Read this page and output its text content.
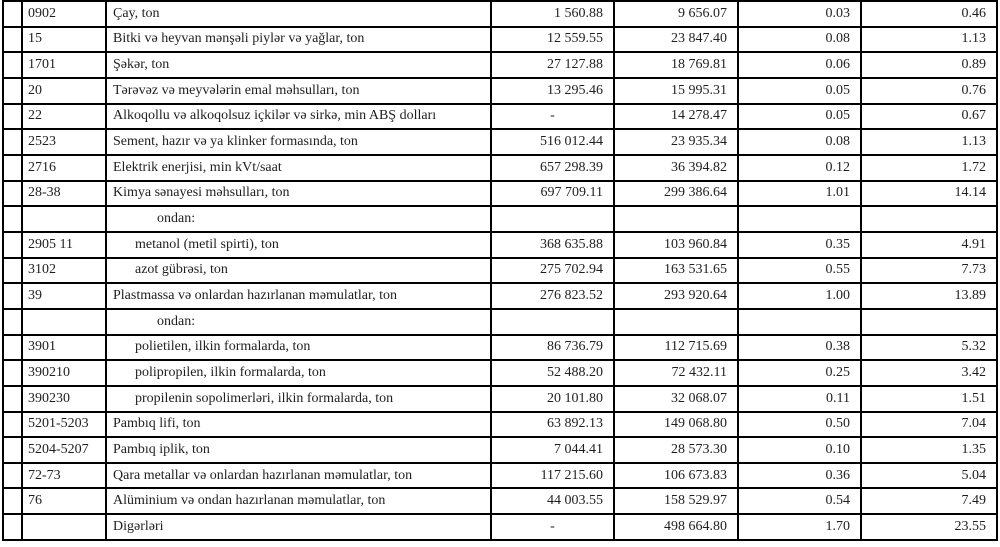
	0902	Çay, ton	1 560.88	9 656.07	0.03	0.46
	15	Bitki və heyvan mənşəli piylər və yağlar, ton	12 559.55	23 847.40	0.08	1.13
	1701	Şəkər, ton	27 127.88	18 769.81	0.06	0.89
	20	Tərəvəz və meyvələrin emal məhsulları, ton	13 295.46	15 995.31	0.05	0.76
	22	Alkoqollu və alkoqolsuz içkilər və sirkə, min ABŞ dolları	-	14 278.47	0.05	0.67
	2523	Sement, hazır və ya klinker formasında, ton	516 012.44	23 935.34	0.08	1.13
	2716	Elektrik enerjisi, min kVt/saat	657 298.39	36 394.82	0.12	1.72
	28-38	Kimya sənayesi məhsulları, ton	697 709.11	299 386.64	1.01	14.14
		ondan:				
	2905 11	metanol (metil spirti), ton	368 635.88	103 960.84	0.35	4.91
	3102	azot gübrəsi, ton	275 702.94	163 531.65	0.55	7.73
	39	Plastmassa və onlardan hazırlanan məmulatlar, ton	276 823.52	293 920.64	1.00	13.89
		ondan:				
	3901	polietilen, ilkin formalarda, ton	86 736.79	112 715.69	0.38	5.32
	390210	polipropilen, ilkin formalarda, ton	52 488.20	72 432.11	0.25	3.42
	390230	propilenin sopolimerləri, ilkin formalarda, ton	20 101.80	32 068.07	0.11	1.51
	5201-5203	Pambıq lifi, ton	63 892.13	149 068.80	0.50	7.04
	5204-5207	Pambıq iplik, ton	7 044.41	28 573.30	0.10	1.35
	72-73	Qara metallar və onlardan hazırlanan məmulatlar, ton	117 215.60	106 673.83	0.36	5.04
	76	Alüminium və ondan hazırlanan məmulatlar, ton	44 003.55	158 529.97	0.54	7.49
		Digərləri	-	498 664.80	1.70	23.55
